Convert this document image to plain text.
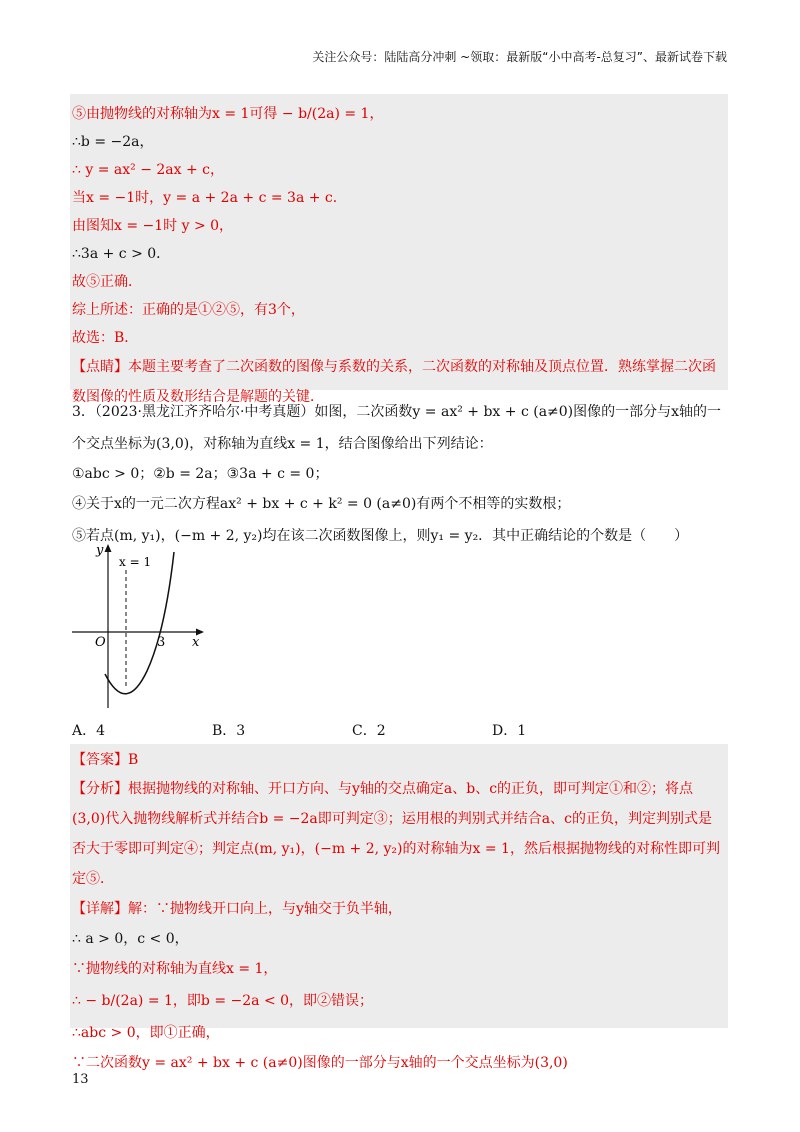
关注公众号：陆陆高分冲刺 ~领取：最新版“小中高考-总复习”、最新试卷下载
⑤由抛物线的对称轴为x = 1可得 − b/(2a) = 1，
∴b = −2a，
∴ y = ax² − 2ax + c，
当x = −1时，y = a + 2a + c = 3a + c．
由图知x = −1时 y > 0，
∴3a + c > 0．
故⑤正确．
综上所述：正确的是①②⑤，有3个，
故选：B．
【点睛】本题主要考查了二次函数的图像与系数的关系，二次函数的对称轴及顶点位置．熟练掌握二次函数图像的性质及数形结合是解题的关键．
3．（2023·黑龙江齐齐哈尔·中考真题）如图，二次函数y = ax² + bx + c (a≠0)图像的一部分与x轴的一个交点坐标为(3,0)，对称轴为直线x = 1，结合图像给出下列结论：
①abc > 0；②b = 2a；③3a + c = 0；
④关于x的一元二次方程ax² + bx + c + k² = 0 (a≠0)有两个不相等的实数根；
⑤若点(m, y₁)，(−m + 2, y₂)均在该二次函数图像上，则y₁ = y₂．其中正确结论的个数是（　　）
y
x = 1
O	3 x
A．4	B．3	C．2	D．1
【答案】B
【分析】根据抛物线的对称轴、开口方向、与y轴的交点确定a、b、c的正负，即可判定①和②；将点(3,0)代入抛物线解析式并结合b = −2a即可判定③；运用根的判别式并结合a、c的正负，判定判别式是否大于零即可判定④；判定点(m, y₁)，(−m + 2, y₂)的对称轴为x = 1，然后根据抛物线的对称性即可判定⑤．
【详解】解：∵抛物线开口向上，与y轴交于负半轴，
∴ a > 0，c < 0，
∵抛物线的对称轴为直线x = 1，
∴ − b/(2a) = 1，即b = −2a < 0，即②错误；
∴abc > 0，即①正确，
∵二次函数y = ax² + bx + c (a≠0)图像的一部分与x轴的一个交点坐标为(3,0)
13
